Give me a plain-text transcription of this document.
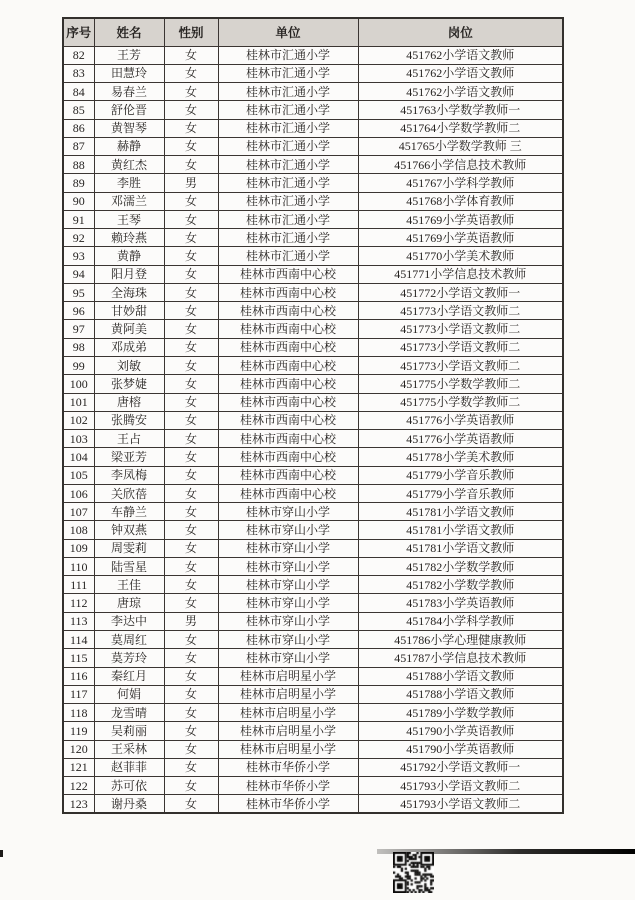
序号	姓名	性别	单位	岗位
82	王芳	女	桂林市汇通小学	451762小学语文教师
83	田慧玲	女	桂林市汇通小学	451762小学语文教师
84	易春兰	女	桂林市汇通小学	451762小学语文教师
85	舒伦晋	女	桂林市汇通小学	451763小学数学教师一
86	黄智琴	女	桂林市汇通小学	451764小学数学教师二
87	赫静	女	桂林市汇通小学	451765小学数学教师 三
88	黄红杰	女	桂林市汇通小学	451766小学信息技术教师
89	李胜	男	桂林市汇通小学	451767小学科学教师
90	邓濡兰	女	桂林市汇通小学	451768小学体育教师
91	王琴	女	桂林市汇通小学	451769小学英语教师
92	赖玲燕	女	桂林市汇通小学	451769小学英语教师
93	黄静	女	桂林市汇通小学	451770小学美术教师
94	阳月登	女	桂林市西南中心校	451771小学信息技术教师
95	全海珠	女	桂林市西南中心校	451772小学语文教师一
96	甘妙甜	女	桂林市西南中心校	451773小学语文教师二
97	黄阿美	女	桂林市西南中心校	451773小学语文教师二
98	邓成弟	女	桂林市西南中心校	451773小学语文教师二
99	刘敏	女	桂林市西南中心校	451773小学语文教师二
100	张梦婕	女	桂林市西南中心校	451775小学数学教师二
101	唐榕	女	桂林市西南中心校	451775小学数学教师二
102	张腾安	女	桂林市西南中心校	451776小学英语教师
103	王占	女	桂林市西南中心校	451776小学英语教师
104	梁亚芳	女	桂林市西南中心校	451778小学美术教师
105	李凤梅	女	桂林市西南中心校	451779小学音乐教师
106	关欣蓓	女	桂林市西南中心校	451779小学音乐教师
107	车静兰	女	桂林市穿山小学	451781小学语文教师
108	钟双燕	女	桂林市穿山小学	451781小学语文教师
109	周雯莉	女	桂林市穿山小学	451781小学语文教师
110	陆雪星	女	桂林市穿山小学	451782小学数学教师
111	王佳	女	桂林市穿山小学	451782小学数学教师
112	唐琼	女	桂林市穿山小学	451783小学英语教师
113	李达中	男	桂林市穿山小学	451784小学科学教师
114	莫周红	女	桂林市穿山小学	451786小学心理健康教师
115	莫芳玲	女	桂林市穿山小学	451787小学信息技术教师
116	秦红月	女	桂林市启明星小学	451788小学语文教师
117	何娟	女	桂林市启明星小学	451788小学语文教师
118	龙雪晴	女	桂林市启明星小学	451789小学数学教师
119	吴莉丽	女	桂林市启明星小学	451790小学英语教师
120	王采林	女	桂林市启明星小学	451790小学英语教师
121	赵菲菲	女	桂林市华侨小学	451792小学语文教师一
122	苏可依	女	桂林市华侨小学	451793小学语文教师二
123	谢丹桑	女	桂林市华侨小学	451793小学语文教师二
